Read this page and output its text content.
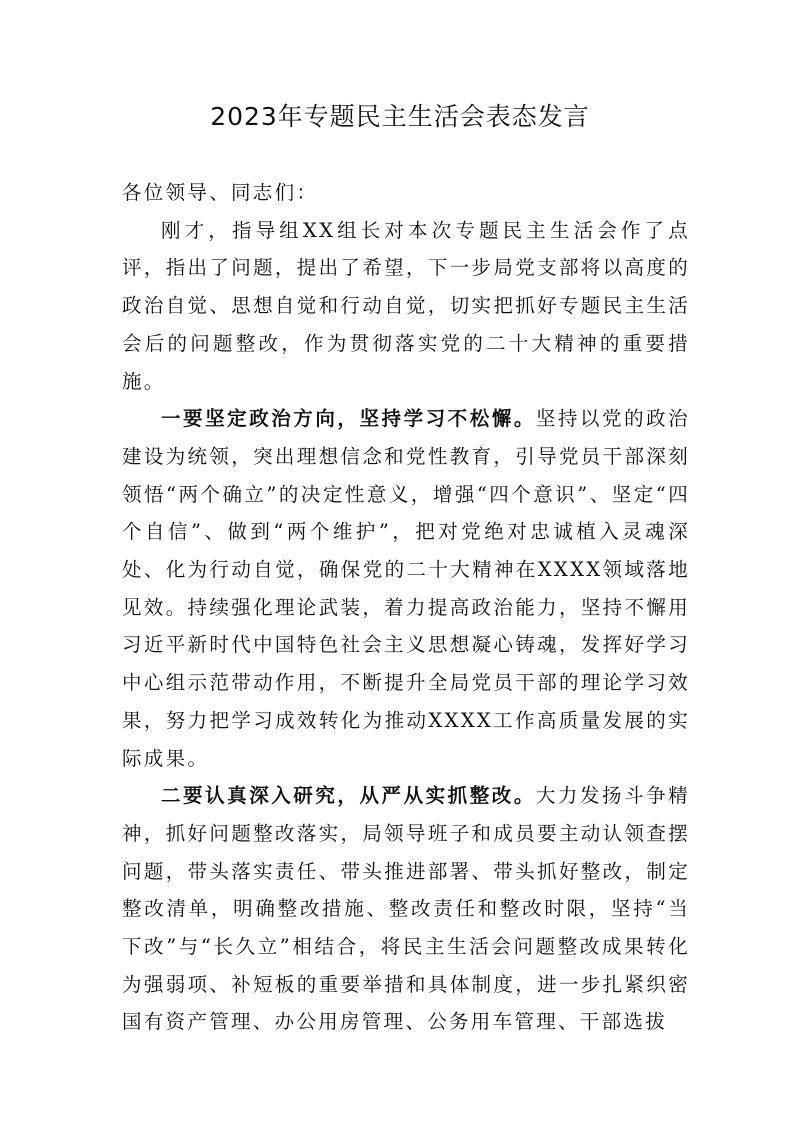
2023年专题民主生活会表态发言

各位领导、同志们：

刚才，指导组XX组长对本次专题民主生活会作了点评，指出了问题，提出了希望，下一步局党支部将以高度的政治自觉、思想自觉和行动自觉，切实把抓好专题民主生活会后的问题整改，作为贯彻落实党的二十大精神的重要措施。

一要坚定政治方向，坚持学习不松懈。坚持以党的政治建设为统领，突出理想信念和党性教育，引导党员干部深刻领悟“两个确立”的决定性意义，增强“四个意识”、坚定“四个自信”、做到“两个维护”，把对党绝对忠诚植入灵魂深处、化为行动自觉，确保党的二十大精神在XXXX领域落地见效。持续强化理论武装，着力提高政治能力，坚持不懈用习近平新时代中国特色社会主义思想凝心铸魂，发挥好学习中心组示范带动作用，不断提升全局党员干部的理论学习效果，努力把学习成效转化为推动XXXX工作高质量发展的实际成果。

二要认真深入研究，从严从实抓整改。大力发扬斗争精神，抓好问题整改落实，局领导班子和成员要主动认领查摆问题，带头落实责任、带头推进部署、带头抓好整改，制定整改清单，明确整改措施、整改责任和整改时限，坚持“当下改”与“长久立”相结合，将民主生活会问题整改成果转化为强弱项、补短板的重要举措和具体制度，进一步扎紧织密国有资产管理、办公用房管理、公务用车管理、干部选拔
